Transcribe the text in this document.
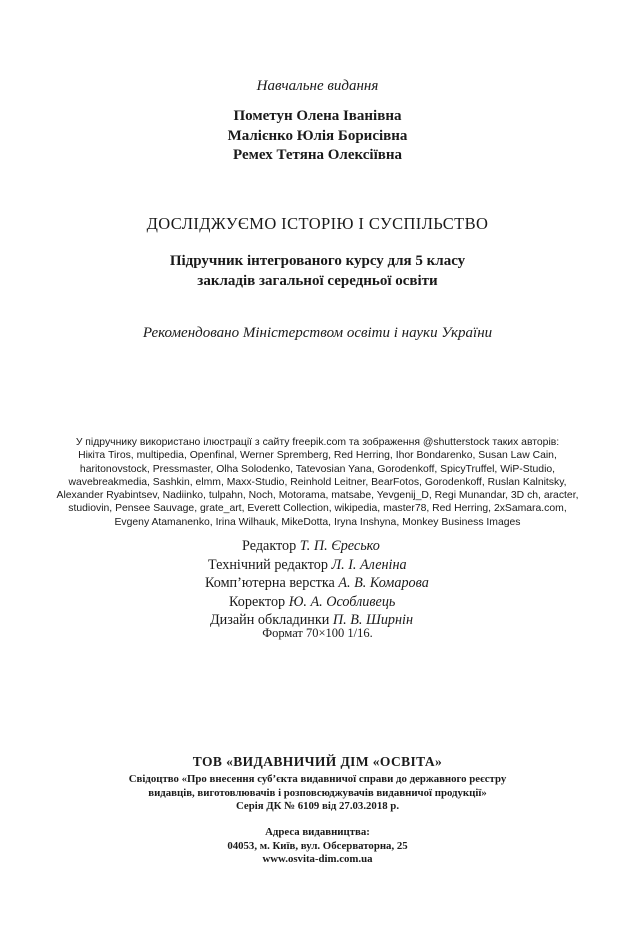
Навчальне видання
Пометун Олена Іванівна
Малієнко Юлія Борисівна
Ремех Тетяна Олексіївна
ДОСЛІДЖУЄМО ІСТОРІЮ І СУСПІЛЬСТВО
Підручник інтегрованого курсу для 5 класу
закладів загальної середньої освіти
Рекомендовано Міністерством освіти і науки України
У підручнику використано ілюстрації з сайту freepik.com та зображення @shutterstock таких авторів:
Нікіта Tiros, multipedia, Openfinal, Werner Spremberg, Red Herring, Ihor Bondarenko, Susan Law Cain,
haritonovstock, Pressmaster, Olha Solodenko, Tatevosian Yana, Gorodenkoff, SpicyTruffel, WiP-Studio,
wavebreakmedia, Sashkin, elmm, Maxx-Studio, Reinhold Leitner, BearFotos, Gorodenkoff, Ruslan Kalnitsky,
Alexander Ryabintsev, Nadiinko, tulpahn, Noch, Motorama, matsabe, Yevgenij_D, Regi Munandar, 3D ch, aracter,
studiovin, Pensee Sauvage, grate_art, Everett Collection, wikipedia, master78, Red Herring, 2xSamara.com,
Evgeny Atamanenko, Irina Wilhauk, MikeDotta, Iryna Inshyna, Monkey Business Images
Редактор Т. П. Єресько
Технічний редактор Л. І. Аленіна
Комп’ютерна верстка А. В. Комарова
Коректор Ю. А. Особливець
Дизайн обкладинки П. В. Ширнін
Формат 70×100 1/16.
ТОВ «ВИДАВНИЧИЙ ДІМ «ОСВІТА»
Свідоцтво «Про внесення суб’єкта видавничої справи до державного реєстру
видавців, виготовлювачів і розповсюджувачів видавничої продукції»
Серія ДК № 6109 від 27.03.2018 р.
Адреса видавництва:
04053, м. Київ, вул. Обсерваторна, 25
www.osvita-dim.com.ua
